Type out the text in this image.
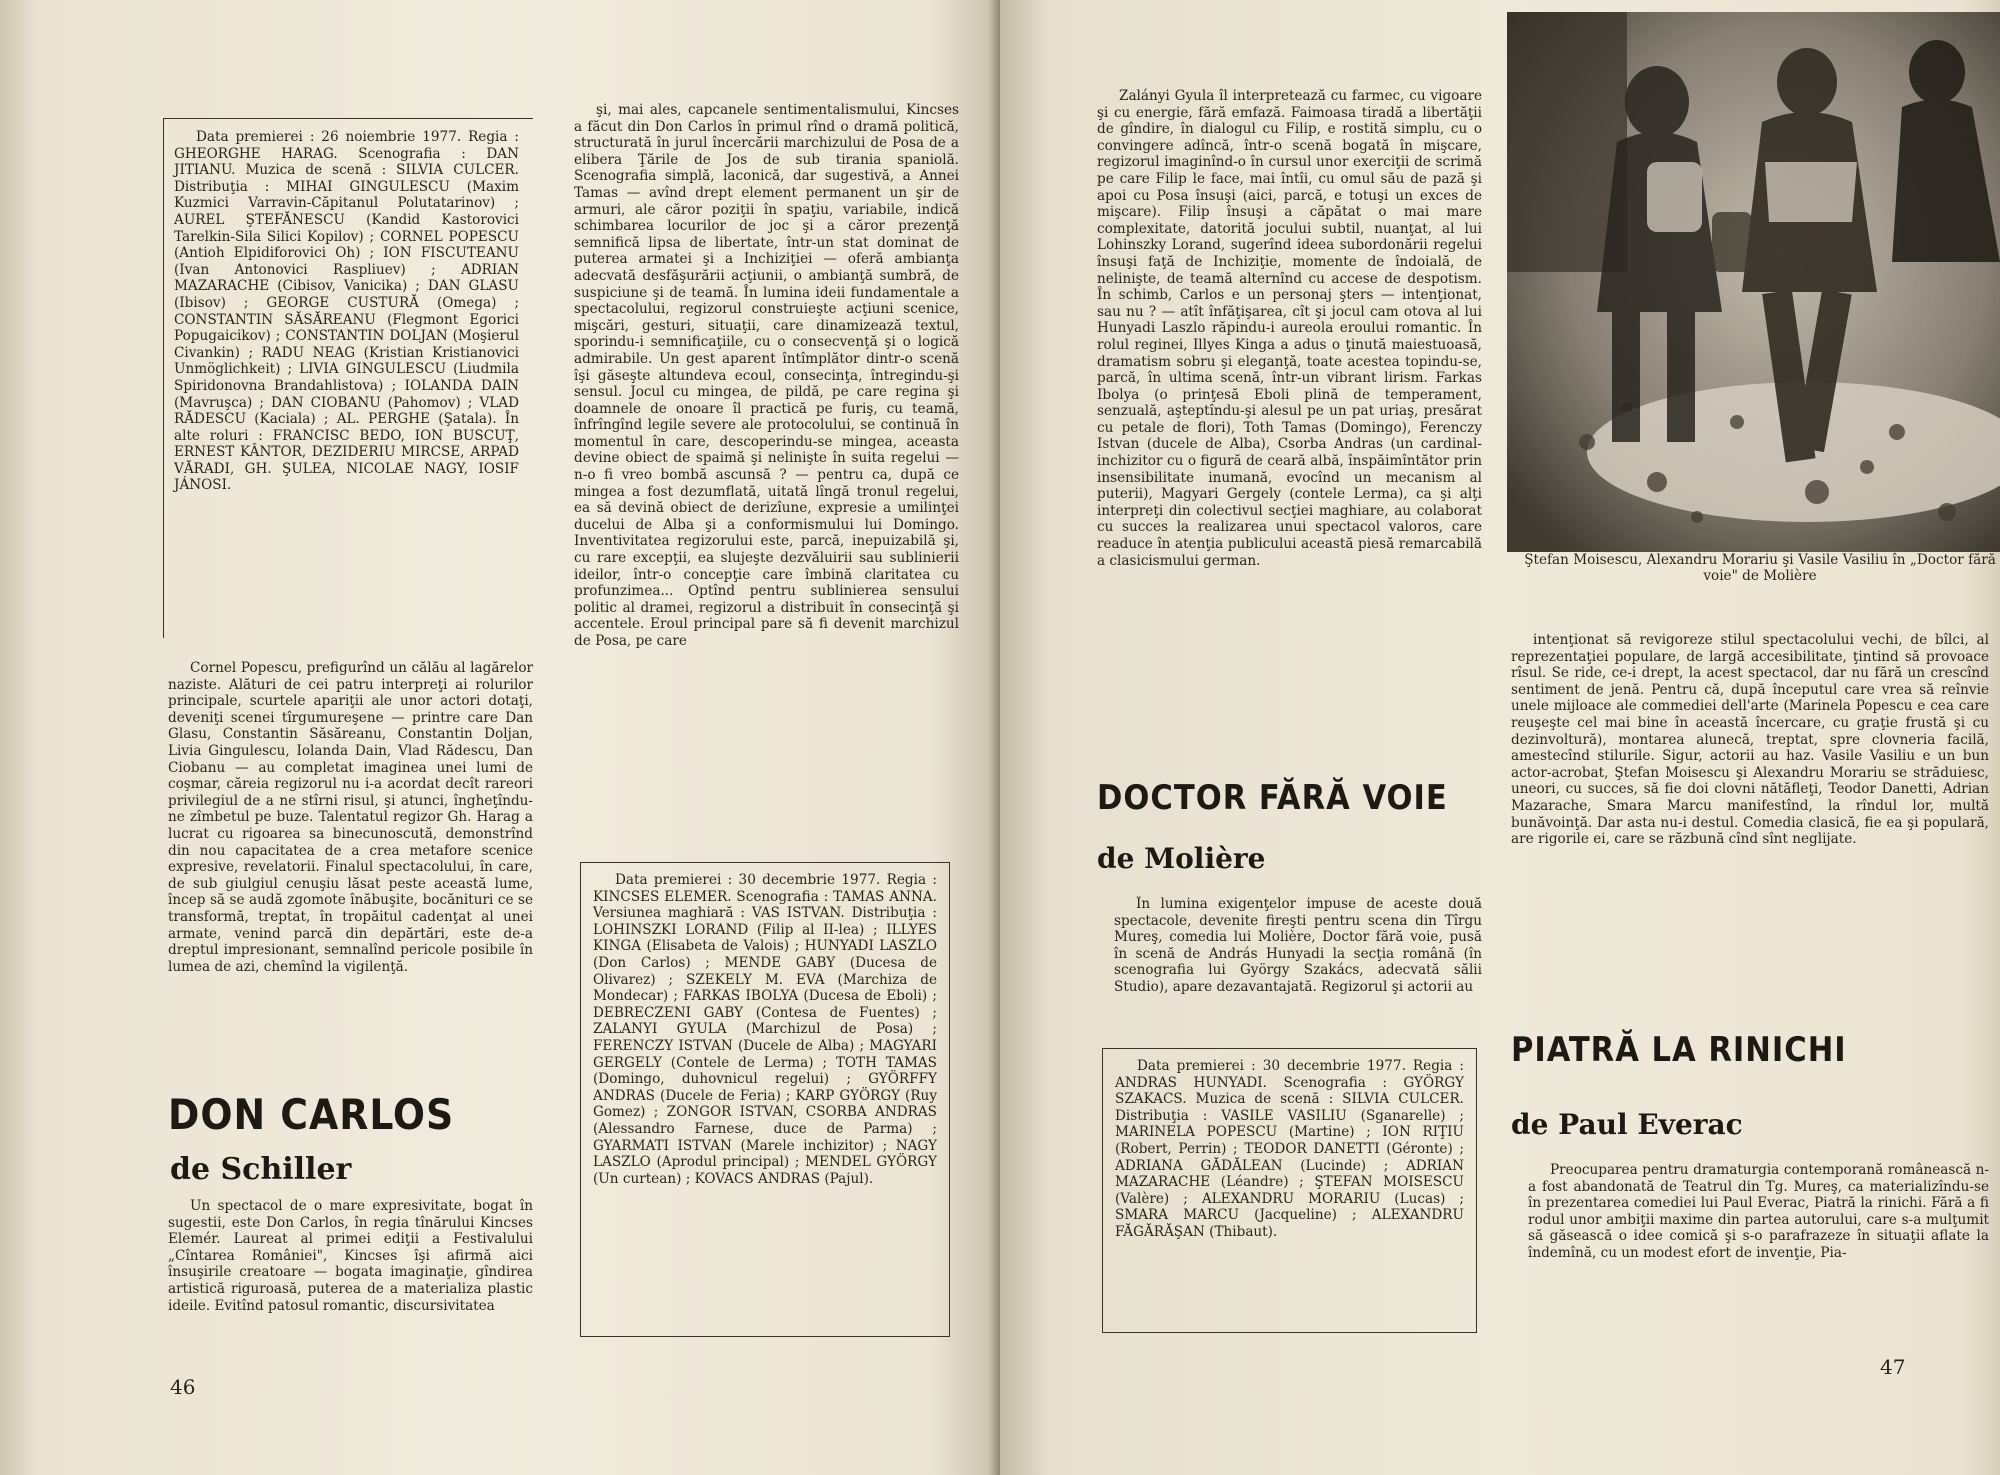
Data premierei : 26 noiembrie 1977. Regia : GHEORGHE HARAG. Scenografia : DAN JITIANU. Muzica de scenă : SILVIA CULCER. Distribuţia : MIHAI GINGULESCU (Maxim Kuzmici Varravin-Căpitanul Polutatarinov) ; AUREL ŞTEFĂNESCU (Kandid Kastorovici Tarelkin-Sila Silici Kopilov) ; CORNEL POPESCU (Antioh Elpidiforovici Oh) ; ION FISCUTEANU (Ivan Antonovici Raspliuev) ; ADRIAN MAZARACHE (Cibisov, Vanicika) ; DAN GLASU (Ibisov) ; GEORGE CUSTURĂ (Omega) ; CONSTANTIN SĂSĂREANU (Flegmont Egorici Popugaicikov) ; CONSTANTIN DOLJAN (Moşierul Civankin) ; RADU NEAG (Kristian Kristianovici Unmöglichkeit) ; LIVIA GINGULESCU (Liudmila Spiridonovna Brandahlistova) ; IOLANDA DAIN (Mavruşca) ; DAN CIOBANU (Pahomov) ; VLAD RĂDESCU (Kaciala) ; AL. PERGHE (Şatala). În alte roluri : FRANCISC BEDO, ION BUSCUŢ, ERNEST KÂNTOR, DEZIDERIU MIRCSE, ARPAD VĂRADI, GH. ŞULEA, NICOLAE NAGY, IOSIF JÁNOSI.

Cornel Popescu, prefigurînd un călău al lagărelor naziste. Alături de cei patru interpreţi ai rolurilor principale, scurtele apariţii ale unor actori dotaţi, deveniţi scenei tîrgumureşene — printre care Dan Glasu, Constantin Săsăreanu, Constantin Doljan, Livia Gingulescu, Iolanda Dain, Vlad Rădescu, Dan Ciobanu — au completat imaginea unei lumi de coşmar, căreia regizorul nu i-a acordat decît rareori privilegiul de a ne stîrni risul, şi atunci, îngheţîndu-ne zîmbetul pe buze. Talentatul regizor Gh. Harag a lucrat cu rigoarea sa binecunoscută, demonstrînd din nou capacitatea de a crea metafore scenice expresive, revelatorii. Finalul spectacolului, în care, de sub giulgiul cenuşiu lăsat peste această lume, încep să se audă zgomote înăbuşite, bocănituri ce se transformă, treptat, în tropăitul cadenţat al unei armate, venind parcă din depărtări, este de-a dreptul impresionant, semnalînd pericole posibile în lumea de azi, chemînd la vigilenţă.

DON CARLOS
de Schiller

Un spectacol de o mare expresivitate, bogat în sugestii, este Don Carlos, în regia tînărului Kincses Elemér. Laureat al primei ediţii a Festivalului „Cîntarea României", Kincses îşi afirmă aici însuşirile creatoare — bogata imaginaţie, gîndirea artistică riguroasă, puterea de a materializa plastic ideile. Evitînd patosul romantic, discursivitatea

şi, mai ales, capcanele sentimentalismului, Kincses a făcut din Don Carlos în primul rînd o dramă politică, structurată în jurul încercării marchizului de Posa de a elibera Ţările de Jos de sub tirania spaniolă. Scenografia simplă, laconică, dar sugestivă, a Annei Tamas — avînd drept element permanent un şir de armuri, ale căror poziţii în spaţiu, variabile, indică schimbarea locurilor de joc şi a căror prezenţă semnifică lipsa de libertate, într-un stat dominat de puterea armatei şi a Inchiziţiei — oferă ambianţa adecvată desfăşurării acţiunii, o ambianţă sumbră, de suspiciune şi de teamă. În lumina ideii fundamentale a spectacolului, regizorul construieşte acţiuni scenice, mişcări, gesturi, situaţii, care dinamizează textul, sporindu-i semnificaţiile, cu o consecvenţă şi o logică admirabile. Un gest aparent întîmplător dintr-o scenă îşi găseşte altundeva ecoul, consecinţa, întregindu-şi sensul. Jocul cu mingea, de pildă, pe care regina şi doamnele de onoare îl practică pe furiş, cu teamă, înfrîngînd legile severe ale protocolului, se continuă în momentul în care, descoperindu-se mingea, aceasta devine obiect de spaimă şi nelinişte în suita regelui — n-o fi vreo bombă ascunsă ? — pentru ca, după ce mingea a fost dezumflată, uitată lîngă tronul regelui, ea să devină obiect de derizîune, expresie a umilinţei ducelui de Alba şi a conformismului lui Domingo. Inventivitatea regizorului este, parcă, inepuizabilă şi, cu rare excepţii, ea slujeşte dezvăluirii sau sublinierii ideilor, într-o concepţie care îmbină claritatea cu profunzimea... Optînd pentru sublinierea sensului politic al dramei, regizorul a distribuit în consecinţă şi accentele. Eroul principal pare să fi devenit marchizul de Posa, pe care

Data premierei : 30 decembrie 1977. Regia : KINCSES ELEMER. Scenografia : TAMAS ANNA. Versiunea maghiară : VAS ISTVAN. Distribuţia : LOHINSZKI LORAND (Filip al II-lea) ; ILLYES KINGA (Elisabeta de Valois) ; HUNYADI LASZLO (Don Carlos) ; MENDE GABY (Ducesa de Olivarez) ; SZEKELY M. EVA (Marchiza de Mondecar) ; FARKAS IBOLYA (Ducesa de Eboli) ; DEBRECZENI GABY (Contesa de Fuentes) ; ZALANYI GYULA (Marchizul de Posa) ; FERENCZY ISTVAN (Ducele de Alba) ; MAGYARI GERGELY (Contele de Lerma) ; TOTH TAMAS (Domingo, duhovnicul regelui) ; GYÖRFFY ANDRAS (Ducele de Feria) ; KARP GYÖRGY (Ruy Gomez) ; ZONGOR ISTVAN, CSORBA ANDRAS (Alessandro Farnese, duce de Parma) ; GYARMATI ISTVAN (Marele inchizitor) ; NAGY LASZLO (Aprodul principal) ; MENDEL GYÖRGY (Un curtean) ; KOVACS ANDRAS (Pajul).

46

Zalányi Gyula îl interpretează cu farmec, cu vigoare şi cu energie, fără emfază. Faimoasa tiradă a libertăţii de gîndire, în dialogul cu Filip, e rostită simplu, cu o convingere adîncă, într-o scenă bogată în mişcare, regizorul imaginînd-o în cursul unor exerciţii de scrimă pe care Filip le face, mai întîi, cu omul său de pază şi apoi cu Posa însuşi (aici, parcă, e totuşi un exces de mişcare). Filip însuşi a căpătat o mai mare complexitate, datorită jocului subtil, nuanţat, al lui Lohinszky Lorand, sugerînd ideea subordonării regelui însuşi faţă de Inchiziţie, momente de îndoială, de nelinişte, de teamă alternînd cu accese de despotism. În schimb, Carlos e un personaj şters — intenţionat, sau nu ? — atît înfăţişarea, cît şi jocul cam otova al lui Hunyadi Laszlo răpindu-i aureola eroului romantic. În rolul reginei, Illyes Kinga a adus o ţinută maiestuoasă, dramatism sobru şi eleganţă, toate acestea topindu-se, parcă, în ultima scenă, într-un vibrant lirism. Farkas Ibolya (o prinţesă Eboli plină de temperament, senzuală, aşteptîndu-şi alesul pe un pat uriaş, presărat cu petale de flori), Toth Tamas (Domingo), Ferenczy Istvan (ducele de Alba), Csorba Andras (un cardinal-inchizitor cu o figură de ceară albă, înspăimîntător prin insensibilitate inumană, evocînd un mecanism al puterii), Magyari Gergely (contele Lerma), ca şi alţi interpreţi din colectivul secţiei maghiare, au colaborat cu succes la realizarea unui spectacol valoros, care readuce în atenţia publicului această piesă remarcabilă a clasicismului german.

DOCTOR FĂRĂ VOIE
de Molière

În lumina exigenţelor impuse de aceste două spectacole, devenite fireşti pentru scena din Tîrgu Mureş, comedia lui Molière, Doctor fără voie, pusă în scenă de András Hunyadi la secţia română (în scenografia lui György Szakács, adecvată sălii Studio), apare dezavantajată. Regizorul şi actorii au

Data premierei : 30 decembrie 1977. Regia : ANDRAS HUNYADI. Scenografia : GYÖRGY SZAKACS. Muzica de scenă : SILVIA CULCER. Distribuţia : VASILE VASILIU (Sganarelle) ; MARINELA POPESCU (Martine) ; ION RIŢIU (Robert, Perrin) ; TEODOR DANETTI (Géronte) ; ADRIANA GĂDĂLEAN (Lucinde) ; ADRIAN MAZARACHE (Léandre) ; ŞTEFAN MOISESCU (Valère) ; ALEXANDRU MORARIU (Lucas) ; SMARA MARCU (Jacqueline) ; ALEXANDRU FĂGĂRĂŞAN (Thibaut).

Ştefan Moisescu, Alexandru Morariu şi Vasile Vasiliu în „Doctor fără voie" de Molière

intenţionat să revigoreze stilul spectacolului vechi, de bîlci, al reprezentaţiei populare, de largă accesibilitate, ţintind să provoace rîsul. Se ride, ce-i drept, la acest spectacol, dar nu fără un crescînd sentiment de jenă. Pentru că, după începutul care vrea să reînvie unele mijloace ale commediei dell'arte (Marinela Popescu e cea care reuşeşte cel mai bine în această încercare, cu graţie frustă şi cu dezinvoltură), montarea alunecă, treptat, spre clovneria facilă, amestecînd stilurile. Sigur, actorii au haz. Vasile Vasiliu e un bun actor-acrobat, Ştefan Moisescu şi Alexandru Morariu se străduiesc, uneori, cu succes, să fie doi clovni nătăfleţi, Teodor Danetti, Adrian Mazarache, Smara Marcu manifestînd, la rîndul lor, multă bunăvoinţă. Dar asta nu-i destul. Comedia clasică, fie ea şi populară, are rigorile ei, care se răzbună cînd sînt neglijate.

PIATRĂ LA RINICHI
de Paul Everac

Preocuparea pentru dramaturgia contemporană românească n-a fost abandonată de Teatrul din Tg. Mureş, ca materializîndu-se în prezentarea comediei lui Paul Everac, Piatră la rinichi. Fără a fi rodul unor ambiţii maxime din partea autorului, care s-a mulţumit să găsească o idee comică şi s-o parafrazeze în situaţii aflate la îndemînă, cu un modest efort de invenţie, Pia-

47
